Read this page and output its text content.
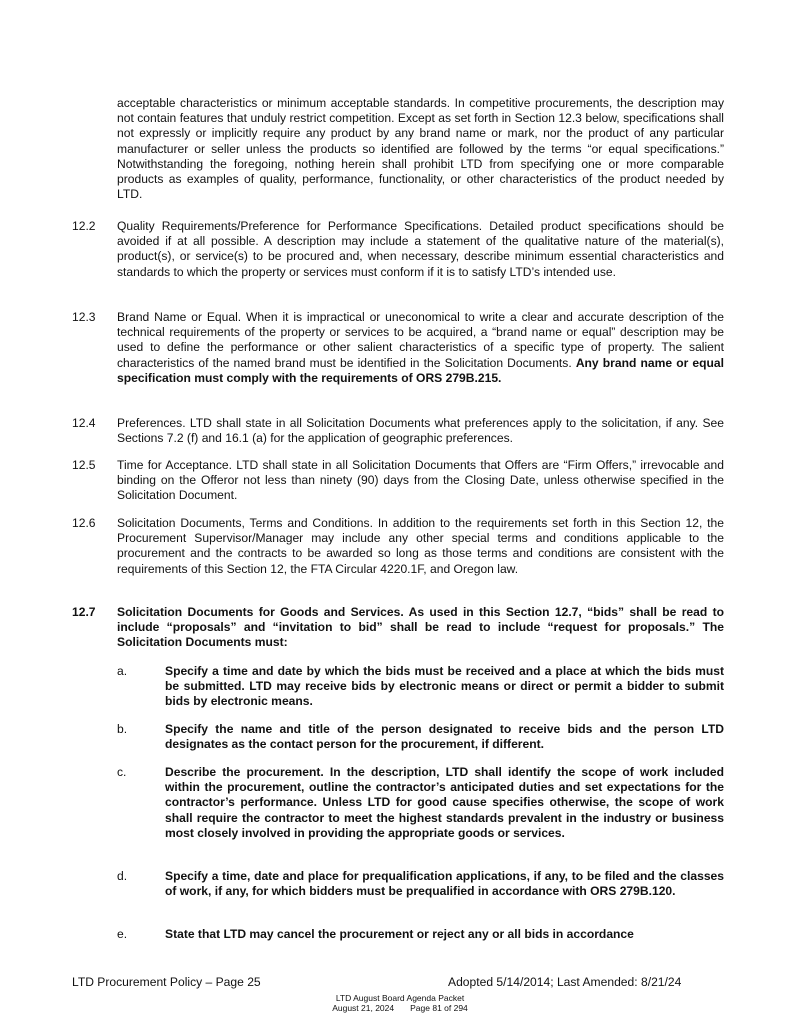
acceptable characteristics or minimum acceptable standards. In competitive procurements, the description may not contain features that unduly restrict competition. Except as set forth in Section 12.3 below, specifications shall not expressly or implicitly require any product by any brand name or mark, nor the product of any particular manufacturer or seller unless the products so identified are followed by the terms “or equal specifications.” Notwithstanding the foregoing, nothing herein shall prohibit LTD from specifying one or more comparable products as examples of quality, performance, functionality, or other characteristics of the product needed by LTD.

12.2	Quality Requirements/Preference for Performance Specifications. Detailed product specifications should be avoided if at all possible. A description may include a statement of the qualitative nature of the material(s), product(s), or service(s) to be procured and, when necessary, describe minimum essential characteristics and standards to which the property or services must conform if it is to satisfy LTD’s intended use.
12.3	Brand Name or Equal. When it is impractical or uneconomical to write a clear and accurate description of the technical requirements of the property or services to be acquired, a “brand name or equal” description may be used to define the performance or other salient characteristics of a specific type of property. The salient characteristics of the named brand must be identified in the Solicitation Documents. Any brand name or equal specification must comply with the requirements of ORS 279B.215.
12.4	Preferences. LTD shall state in all Solicitation Documents what preferences apply to the solicitation, if any. See Sections 7.2 (f) and 16.1 (a) for the application of geographic preferences.
12.5	Time for Acceptance. LTD shall state in all Solicitation Documents that Offers are “Firm Offers,” irrevocable and binding on the Offeror not less than ninety (90) days from the Closing Date, unless otherwise specified in the Solicitation Document.
12.6	Solicitation Documents, Terms and Conditions. In addition to the requirements set forth in this Section 12, the Procurement Supervisor/Manager may include any other special terms and conditions applicable to the procurement and the contracts to be awarded so long as those terms and conditions are consistent with the requirements of this Section 12, the FTA Circular 4220.1F, and Oregon law.
12.7	Solicitation Documents for Goods and Services. As used in this Section 12.7, “bids” shall be read to include “proposals” and “invitation to bid” shall be read to include “request for proposals.” The Solicitation Documents must:
a.	Specify a time and date by which the bids must be received and a place at which the bids must be submitted. LTD may receive bids by electronic means or direct or permit a bidder to submit bids by electronic means.
b.	Specify the name and title of the person designated to receive bids and the person LTD designates as the contact person for the procurement, if different.
c.	Describe the procurement. In the description, LTD shall identify the scope of work included within the procurement, outline the contractor’s anticipated duties and set expectations for the contractor’s performance. Unless LTD for good cause specifies otherwise, the scope of work shall require the contractor to meet the highest standards prevalent in the industry or business most closely involved in providing the appropriate goods or services.
d.	Specify a time, date and place for prequalification applications, if any, to be filed and the classes of work, if any, for which bidders must be prequalified in accordance with ORS 279B.120.
e.	State that LTD may cancel the procurement or reject any or all bids in accordance
LTD Procurement Policy – Page 25	Adopted 5/14/2014; Last Amended: 8/21/24
LTD August Board Agenda Packet
August 21, 2024 Page 81 of 294
